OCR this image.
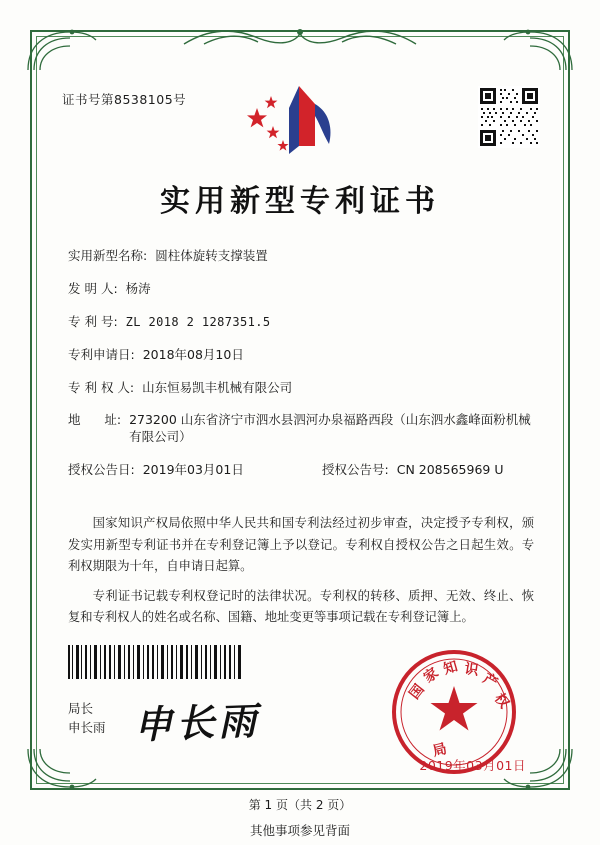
证书号第8538105号
实用新型专利证书
实用新型名称: 圆柱体旋转支撑装置
发 明 人: 杨涛
专 利 号: ZL 2018 2 1287351.5
专利申请日: 2018年08月10日
专 利 权 人: 山东恒易凯丰机械有限公司
地      址: 273200 山东省济宁市泗水县泗河办泉福路西段（山东泗水鑫峰面粉机械有限公司）
授权公告日: 2019年03月01日	授权公告号: CN 208565969 U

国家知识产权局依照中华人民共和国专利法经过初步审查，决定授予专利权，颁发实用新型专利证书并在专利登记簿上予以登记。专利权自授权公告之日起生效。专利权期限为十年，自申请日起算。

专利证书记载专利权登记时的法律状况。专利权的转移、质押、无效、终止、恢复和专利权人的姓名或名称、国籍、地址变更等事项记载在专利登记簿上。

局长
申长雨 申长雨
国
家 知 识
产
权
局
2019年03月01日
第 1 页（共 2 页）
其他事项参见背面
